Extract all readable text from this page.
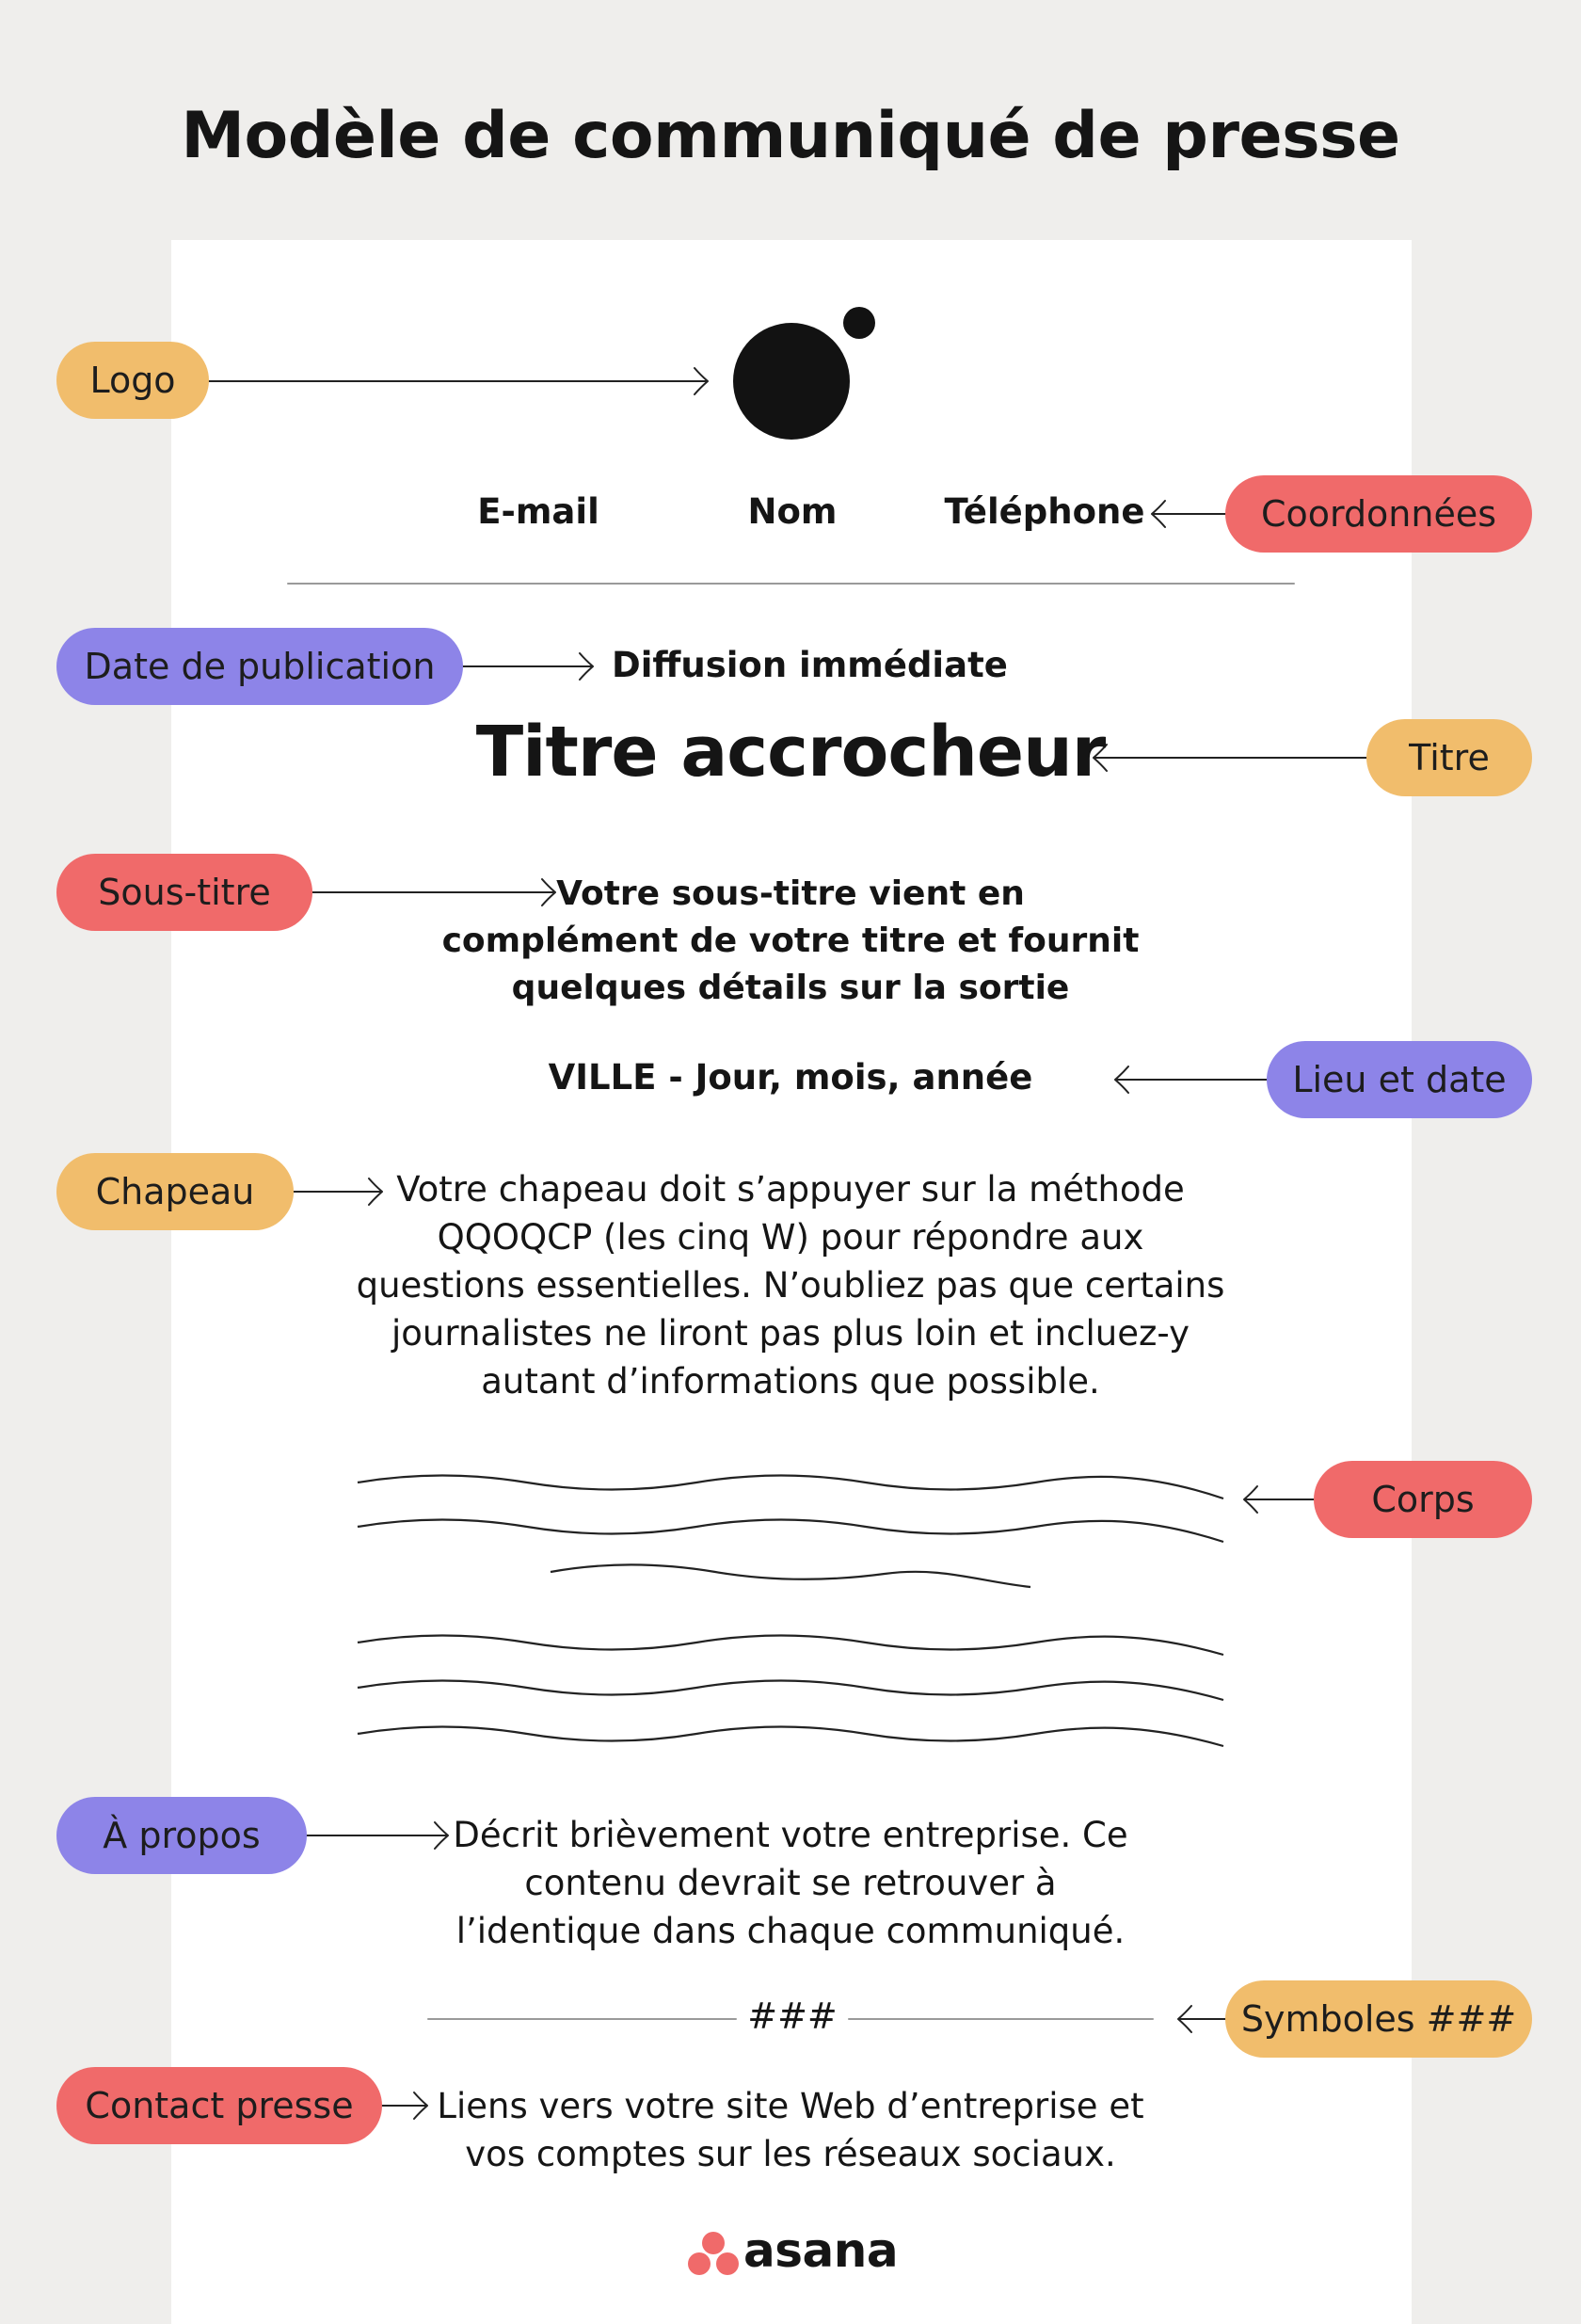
Modèle de communiqué de presse
Logo
Coordonnées
Date de publication
Titre
Sous-titre
Lieu et date
Chapeau
Corps
À propos
Symboles ###
Contact presse
E-mail	Nom	Téléphone
Diffusion immédiate
Titre accrocheur
Votre sous-titre vient en
complément de votre titre et fournit
quelques détails sur la sortie
VILLE - Jour, mois, année
Votre chapeau doit s’appuyer sur la méthode
QQOQCP (les cinq W) pour répondre aux
questions essentielles. N’oubliez pas que certains
journalistes ne liront pas plus loin et incluez-y
autant d’informations que possible.
Décrit brièvement votre entreprise. Ce
contenu devrait se retrouver à
l’identique dans chaque communiqué.
###
Liens vers votre site Web d’entreprise et
vos comptes sur les réseaux sociaux.
asana
